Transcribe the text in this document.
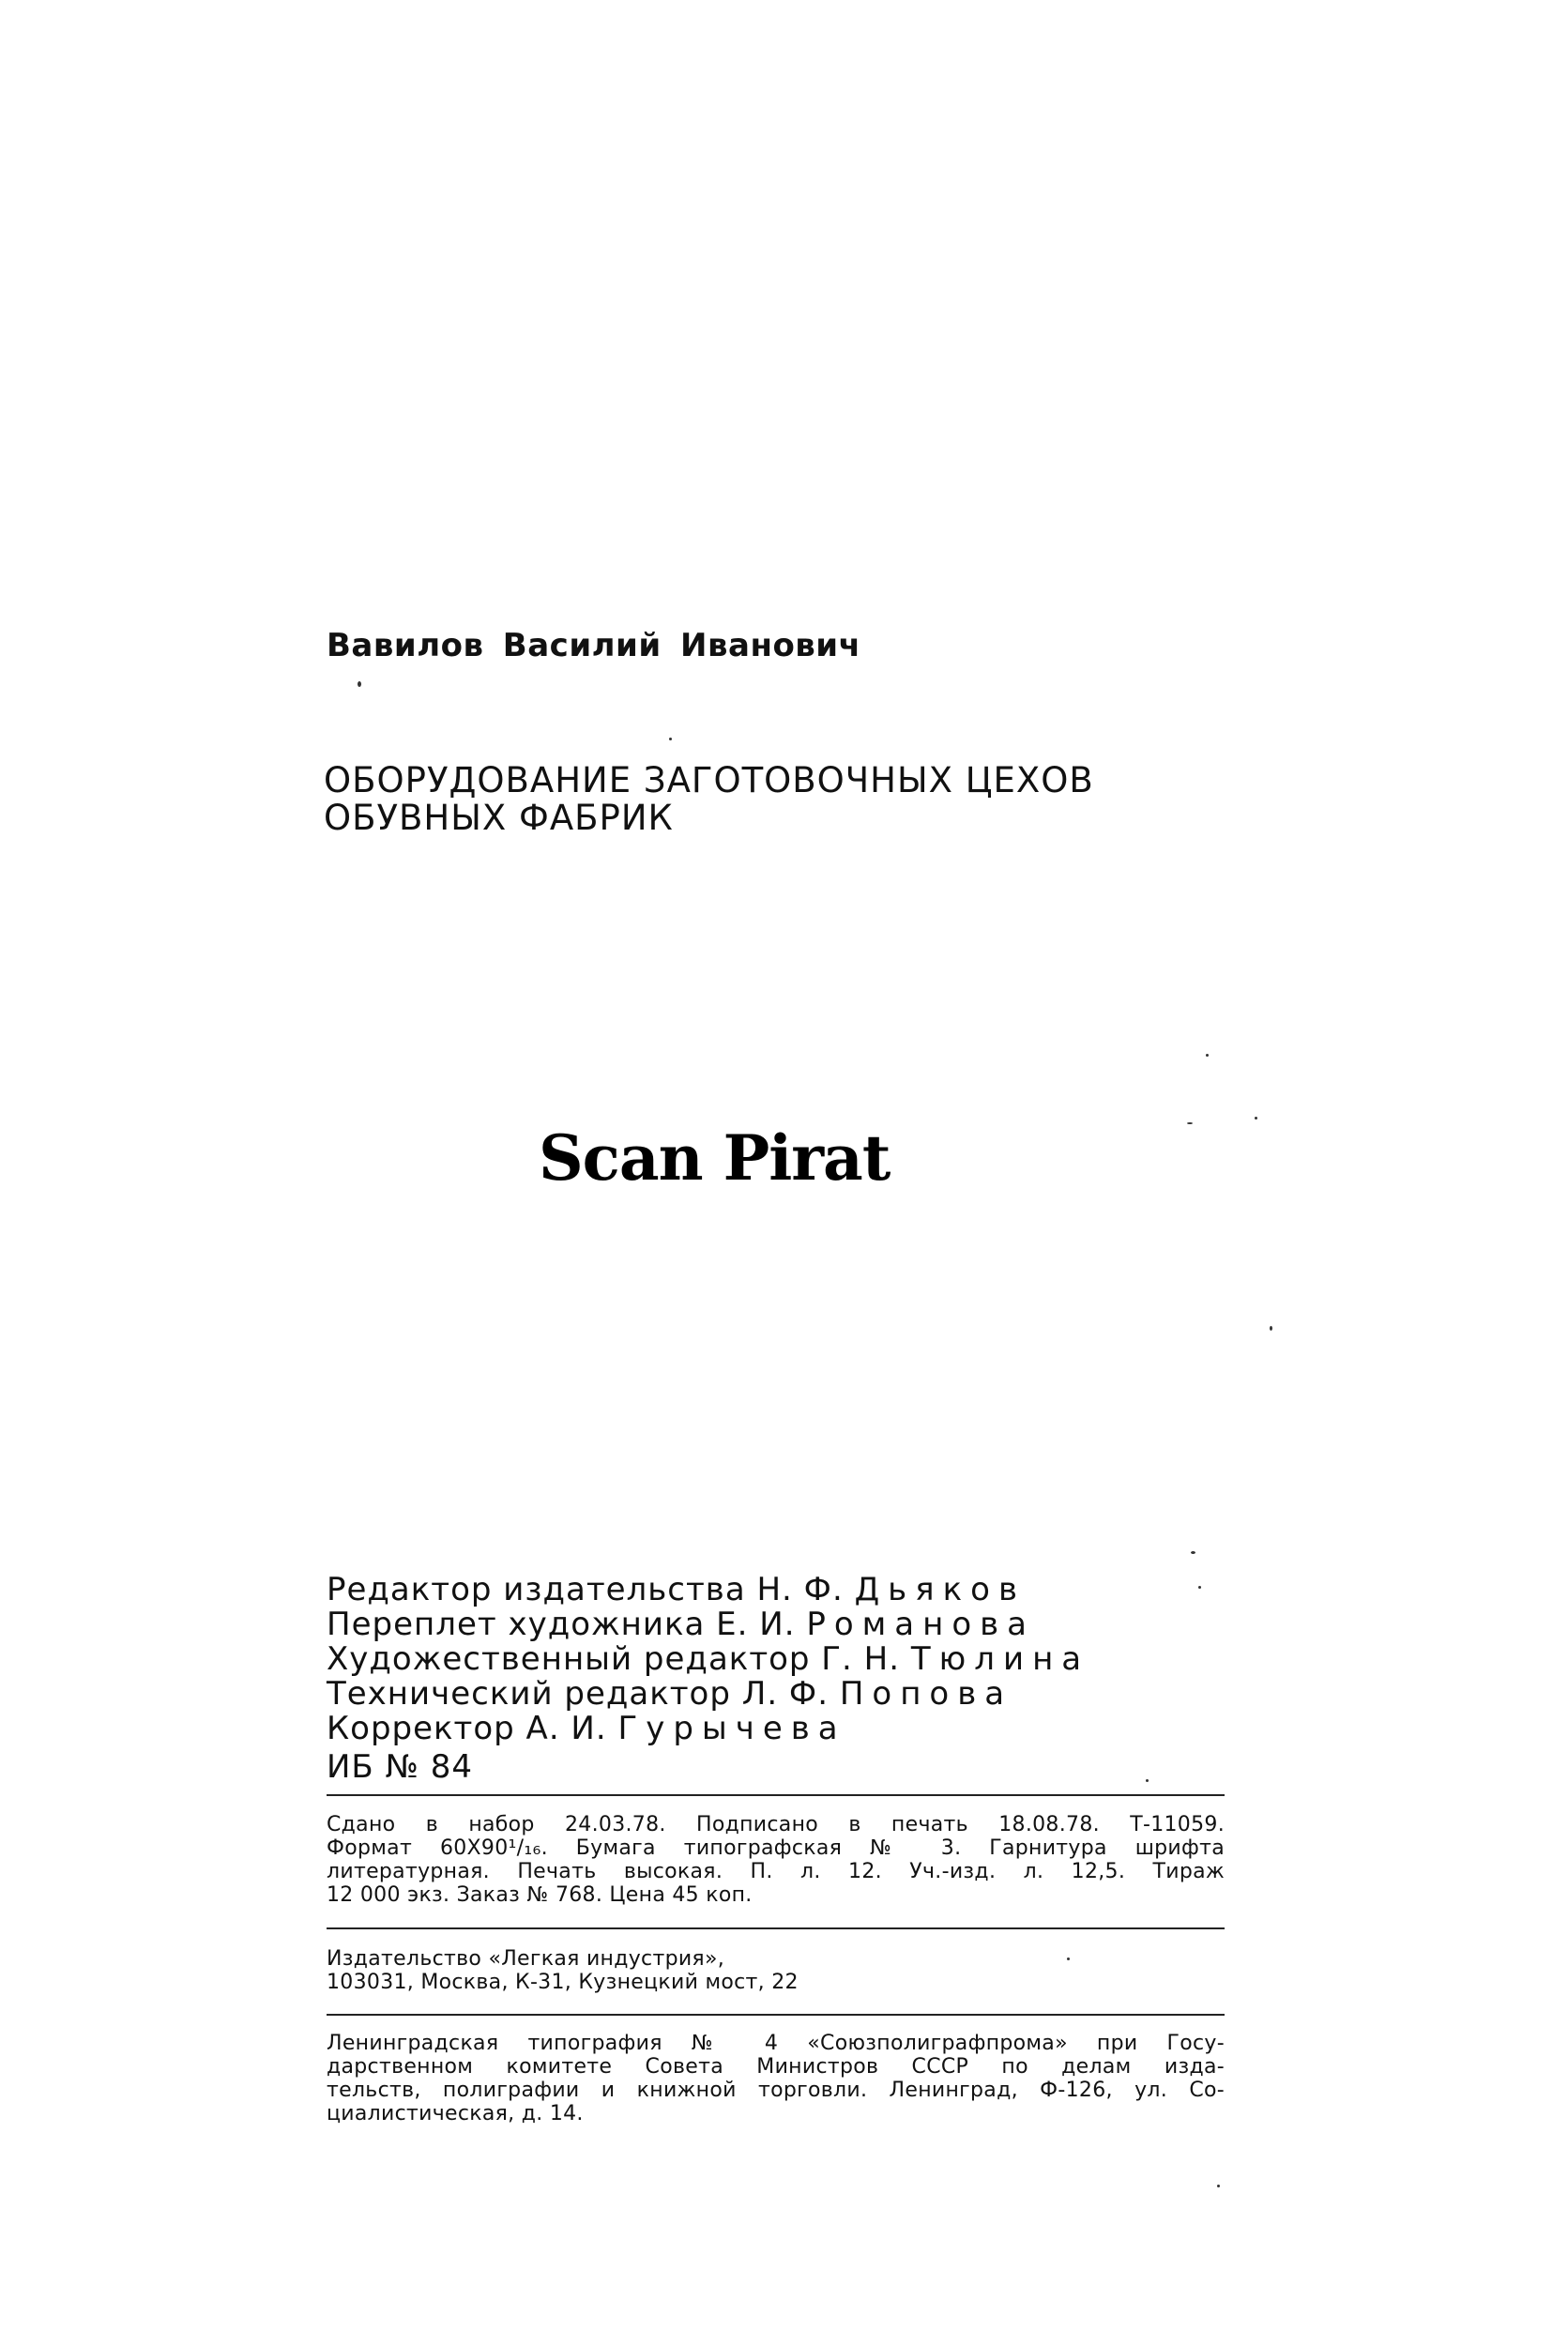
Вавилов Василий Иванович
ОБОРУДОВАНИЕ ЗАГОТОВОЧНЫХ ЦЕХОВ
ОБУВНЫХ ФАБРИК
Scan Pirat
Редактор издательства Н. Ф. Дьяков
Переплет художника Е. И. Романова
Художественный редактор Г. Н. Тюлина
Технический редактор Л. Ф. Попова
Корректор А. И. Гурычева
ИБ № 84
Сдано в набор 24.03.78. Подписано в печать 18.08.78. Т-11059.
Формат 60Х90¹/₁₆. Бумага типографская № 3. Гарнитура шрифта
литературная. Печать высокая. П. л. 12. Уч.-изд. л. 12,5. Тираж
12 000 экз. Заказ № 768. Цена 45 коп.
Издательство «Легкая индустрия»,
103031, Москва, К-31, Кузнецкий мост, 22
Ленинградская типография № 4 «Союзполиграфпрома» при Госу-
дарственном комитете Совета Министров СССР по делам изда-
тельств, полиграфии и книжной торговли. Ленинград, Ф-126, ул. Со-
циалистическая, д. 14.
